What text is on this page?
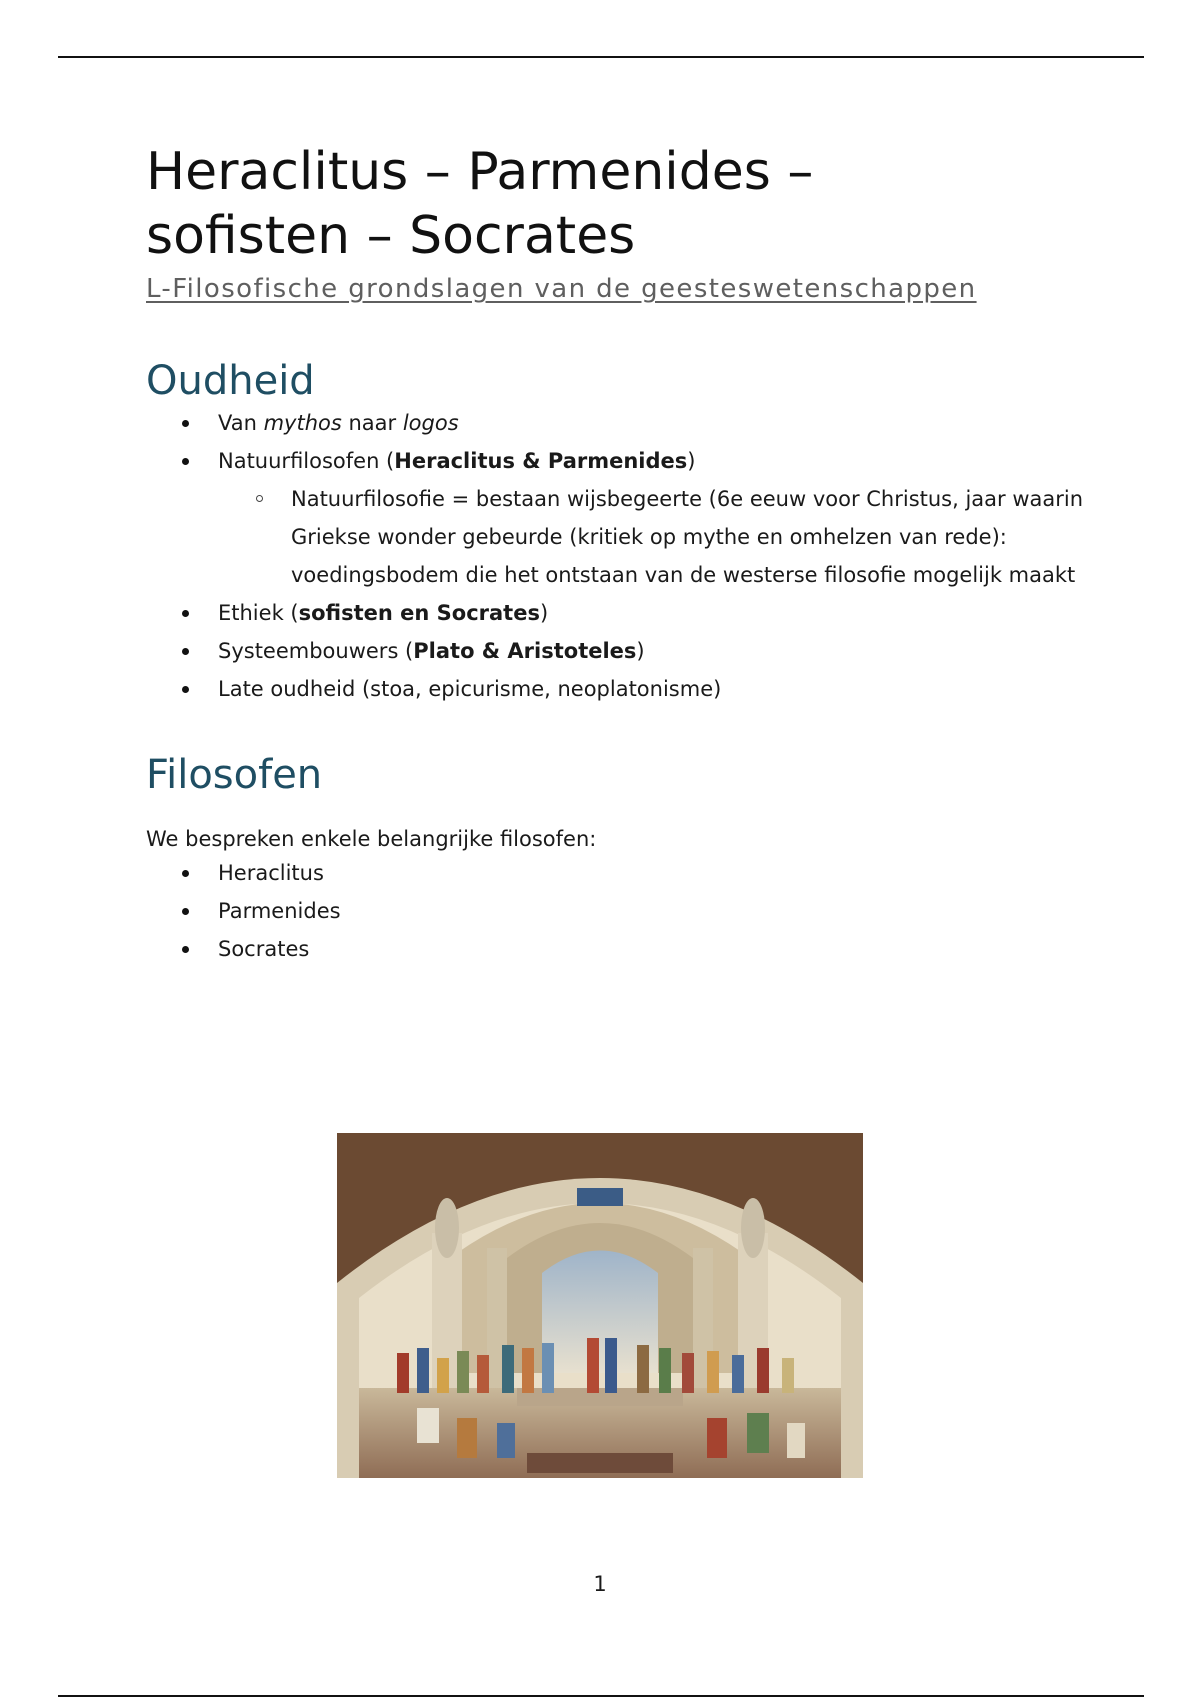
Heraclitus – Parmenides –
sofisten – Socrates
L-Filosofische grondslagen van de geesteswetenschappen
Oudheid
Van mythos naar logos
Natuurfilosofen (Heraclitus & Parmenides)
Natuurfilosofie = bestaan wijsbegeerte (6e eeuw voor Christus, jaar waarin Griekse wonder gebeurde (kritiek op mythe en omhelzen van rede): voedingsbodem die het ontstaan van de westerse filosofie mogelijk maakt
Ethiek (sofisten en Socrates)
Systeembouwers (Plato & Aristoteles)
Late oudheid (stoa, epicurisme, neoplatonisme)
Filosofen
We bespreken enkele belangrijke filosofen:
Heraclitus
Parmenides
Socrates
1
